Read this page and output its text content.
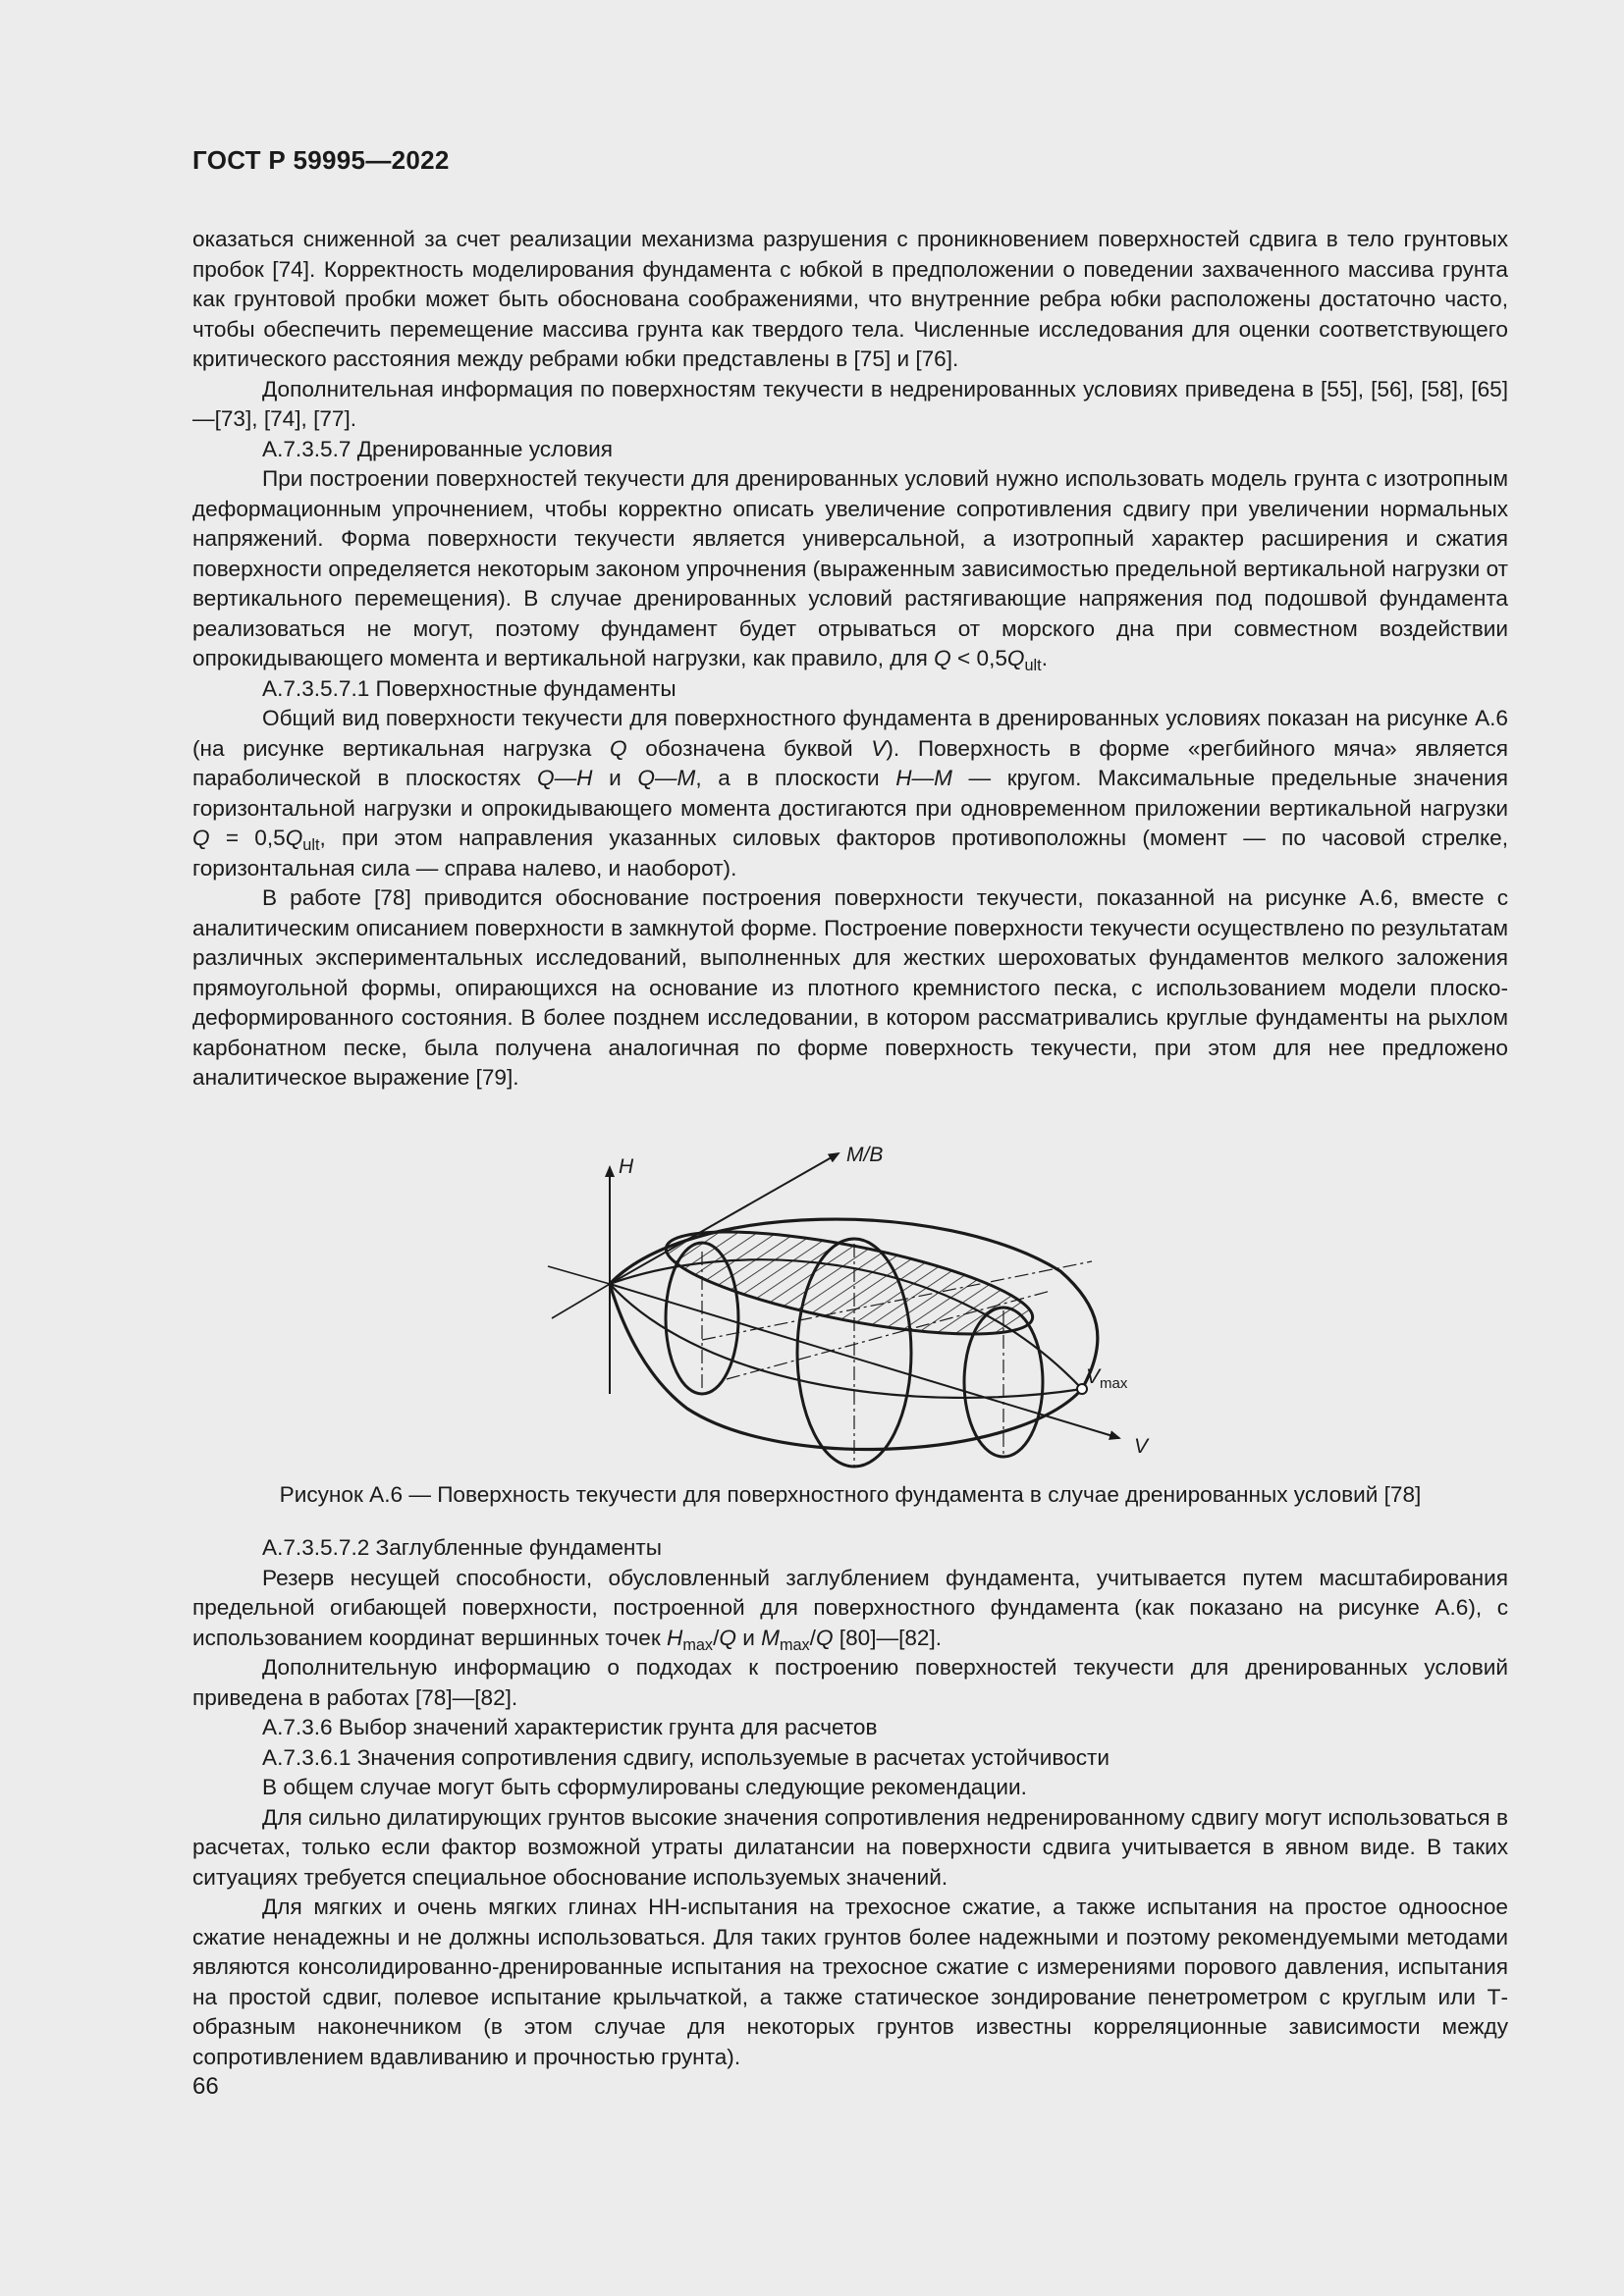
ГОСТ Р 59995—2022

оказаться сниженной за счет реализации механизма разрушения с проникновением поверхностей сдвига в тело грунтовых пробок [74]. Корректность моделирования фундамента с юбкой в предположении о поведении захваченного массива грунта как грунтовой пробки может быть обоснована соображениями, что внутренние ребра юбки расположены достаточно часто, чтобы обеспечить перемещение массива грунта как твердого тела. Численные исследования для оценки соответствующего критического расстояния между ребрами юбки представлены в [75] и [76].

Дополнительная информация по поверхностям текучести в недренированных условиях приведена в [55], [56], [58], [65]—[73], [74], [77].

А.7.3.5.7 Дренированные условия

При построении поверхностей текучести для дренированных условий нужно использовать модель грунта с изотропным деформационным упрочнением, чтобы корректно описать увеличение сопротивления сдвигу при увеличении нормальных напряжений. Форма поверхности текучести является универсальной, а изотропный характер расширения и сжатия поверхности определяется некоторым законом упрочнения (выраженным зависимостью предельной вертикальной нагрузки от вертикального перемещения). В случае дренированных условий растягивающие напряжения под подошвой фундамента реализоваться не могут, поэтому фундамент будет отрываться от морского дна при совместном воздействии опрокидывающего момента и вертикальной нагрузки, как правило, для $Q < 0,5Q_{ult}$.

А.7.3.5.7.1 Поверхностные фундаменты

Общий вид поверхности текучести для поверхностного фундамента в дренированных условиях показан на рисунке А.6 (на рисунке вертикальная нагрузка Q обозначена буквой V). Поверхность в форме «регбийного мяча» является параболической в плоскостях Q—H и Q—M, а в плоскости H—M — кругом. Максимальные предельные значения горизонтальной нагрузки и опрокидывающего момента достигаются при одновременном приложении вертикальной нагрузки $Q = 0,5Q_{ult}$, при этом направления указанных силовых факторов противоположны (момент — по часовой стрелке, горизонтальная сила — справа налево, и наоборот).

В работе [78] приводится обоснование построения поверхности текучести, показанной на рисунке А.6, вместе с аналитическим описанием поверхности в замкнутой форме. Построение поверхности текучести осуществлено по результатам различных экспериментальных исследований, выполненных для жестких шероховатых фундаментов мелкого заложения прямоугольной формы, опирающихся на основание из плотного кремнистого песка, с использованием модели плоско-деформированного состояния. В более позднем исследовании, в котором рассматривались круглые фундаменты на рыхлом карбонатном песке, была получена аналогичная по форме поверхность текучести, при этом для нее предложено аналитическое выражение [79].

H
M/B
$V_{max}$
V
Рисунок А.6 — Поверхность текучести для поверхностного фундамента в случае дренированных условий [78]

А.7.3.5.7.2 Заглубленные фундаменты

Резерв несущей способности, обусловленный заглублением фундамента, учитывается путем масштабирования предельной огибающей поверхности, построенной для поверхностного фундамента (как показано на рисунке А.6), с использованием координат вершинных точек $H_{max}/Q$ и $M_{max}/Q$ [80]—[82].

Дополнительную информацию о подходах к построению поверхностей текучести для дренированных условий приведена в работах [78]—[82].

А.7.3.6 Выбор значений характеристик грунта для расчетов

А.7.3.6.1 Значения сопротивления сдвигу, используемые в расчетах устойчивости

В общем случае могут быть сформулированы следующие рекомендации.

Для сильно дилатирующих грунтов высокие значения сопротивления недренированному сдвигу могут использоваться в расчетах, только если фактор возможной утраты дилатансии на поверхности сдвига учитывается в явном виде. В таких ситуациях требуется специальное обоснование используемых значений.

Для мягких и очень мягких глинах НН-испытания на трехосное сжатие, а также испытания на простое одноосное сжатие ненадежны и не должны использоваться. Для таких грунтов более надежными и поэтому рекомендуемыми методами являются консолидированно-дренированные испытания на трехосное сжатие с измерениями порового давления, испытания на простой сдвиг, полевое испытание крыльчаткой, а также статическое зондирование пенетрометром с круглым или Т-образным наконечником (в этом случае для некоторых грунтов известны корреляционные зависимости между сопротивлением вдавливанию и прочностью грунта).

66
